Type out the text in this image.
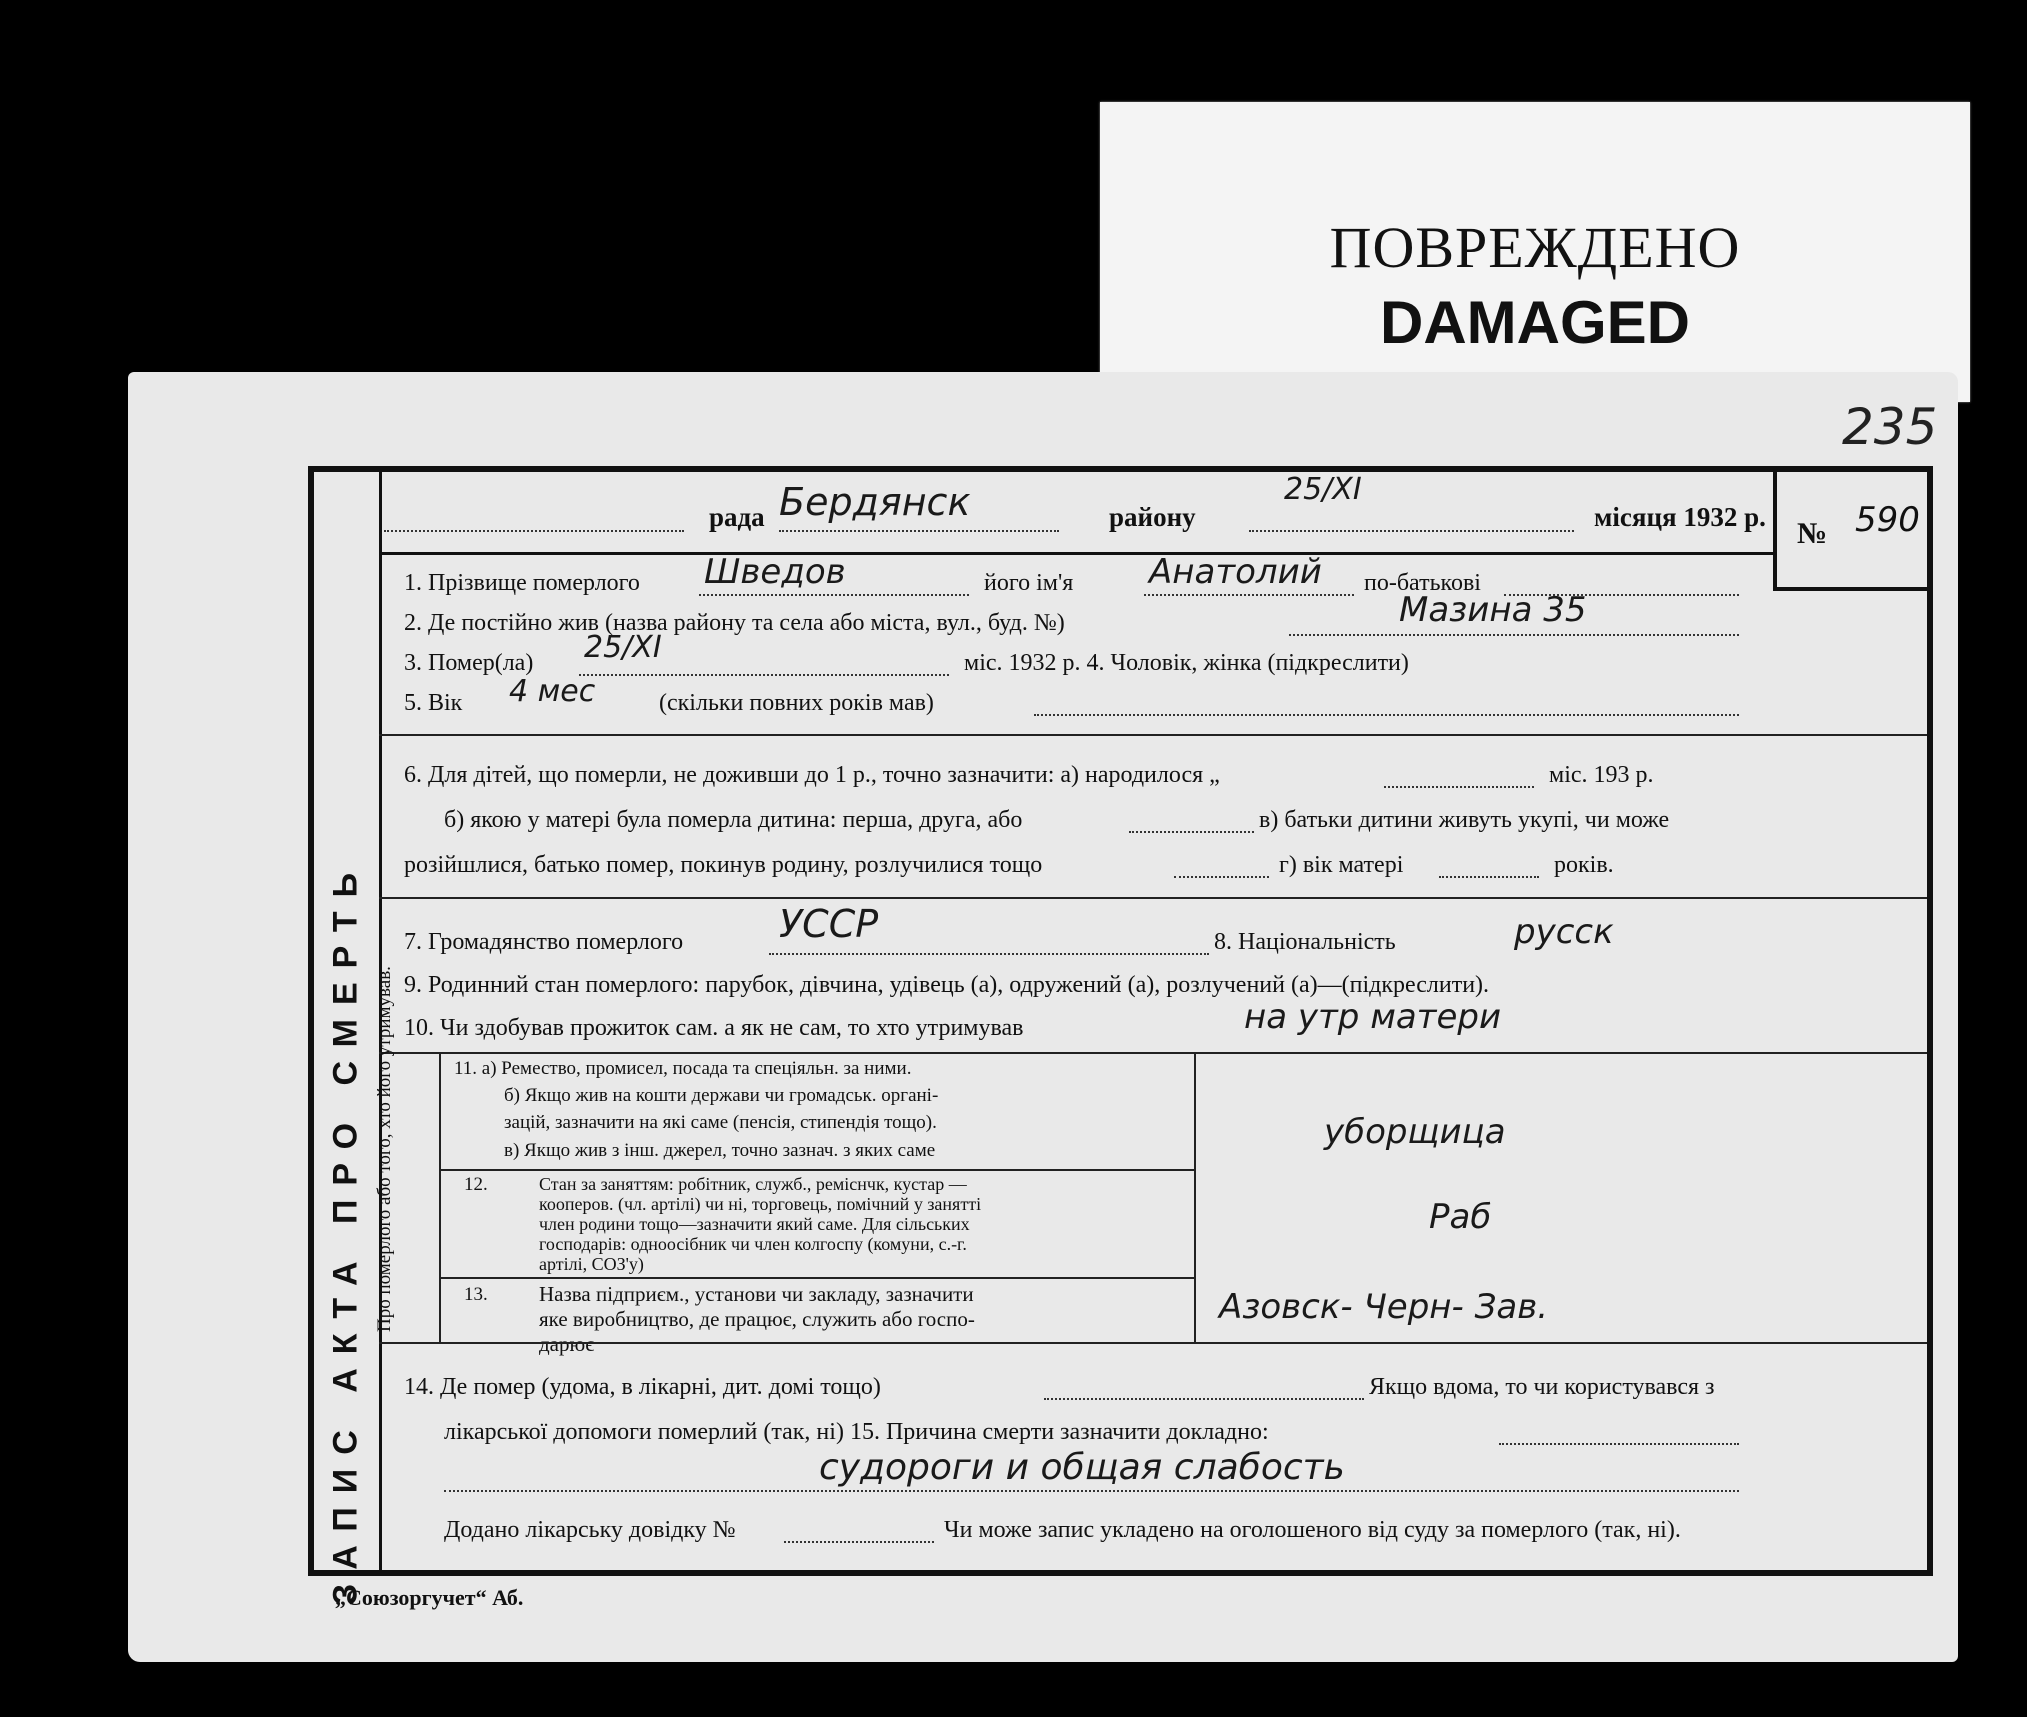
ПОВРЕЖДЕНО
DAMAGED
235
ЗАПИС АКТА ПРО СМЕРТЬ
рада Бердянск	району
25/XI
місяця 1932 р. № 590
1. Прізвище померлого Шведов	його ім'я Анатолий по-батькові
2. Де постійно жив (назва району та села або міста, вул., буд. №)	Мазина 35
3. Помер(ла) 25/XI	міс. 1932 р. 4. Чоловік, жінка (підкреслити)
5. Вік 4 мес	(скільки повних років мав)
6. Для дітей, що померли, не доживши до 1 р., точно зазначити: а) народилося „	міс. 193 р.
б) якою у матері була померла дитина: перша, друга, або	в) батьки дитини живуть укупі, чи може
розійшлися, батько помер, покинув родину, розлучилися тощо	г) вік матері	років.
7. Громадянство померлого	УССР	8. Національність	русск
9. Родинний стан померлого: парубок, дівчина, удівець (а), одружений (а), розлучений (а)—(підкреслити).
10. Чи здобував прожиток сам. а як не сам, то хто утримував	на утр матери
Про померлого або того, хто його утримував.	11. а) Ремество, промисел, посада та спеціяльн. за ними.
б) Якщо жив на кошти держави чи громадськ. органі-
зацій, зазначити на які саме (пенсія, стипендія тощо).
в) Якщо жив з інш. джерел, точно зазнач. з яких саме	уборщица
12.	Стан за заняттям: робітник, служб., реміснчк, кустар —
кооперов. (чл. артілі) чи ні, торговець, помічний у занятті
член родини тощо—зазначити який саме. Для сільських
господарів: одноосібник чи член колгоспу (комуни, с.-г.
артілі, СОЗ'у)
Раб
13. Назва підприєм., установи чи закладу, зазначити
яке виробництво, де працює, служить або госпо-
дарює
Азовск- Черн- Зав.
14. Де помер (удома, в лікарні, дит. домі тощо)	Якщо вдома, то чи користувався з
лікарської допомоги померлий (так, ні) 15. Причина смерти зазначити докладно:
судороги и общая слабость
Додано лікарську довідку №	Чи може запис укладено на оголошеного від суду за померлого (так, ні).
„Союзоргучет“ Аб.
